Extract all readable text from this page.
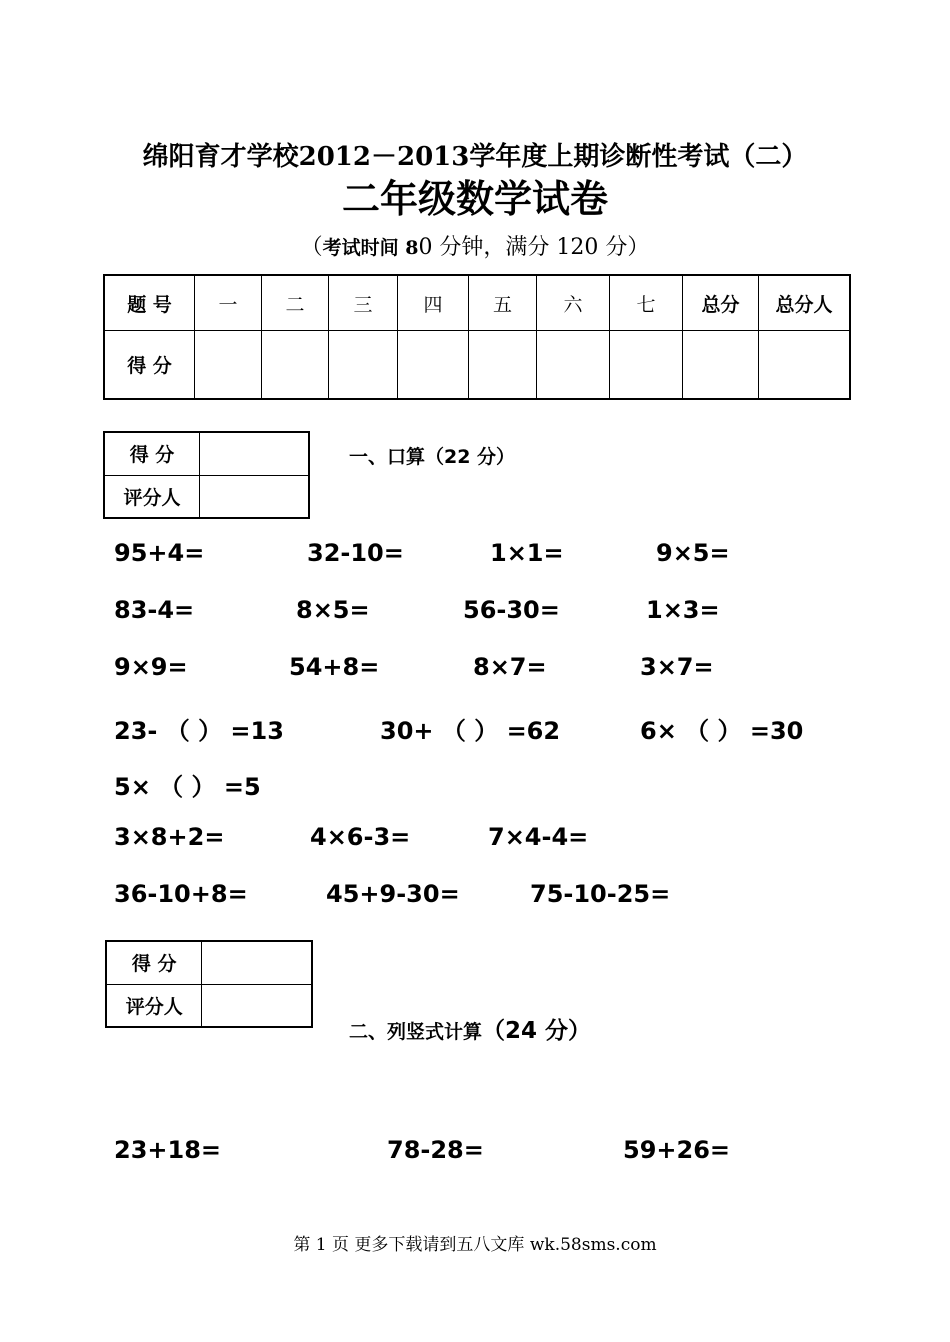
绵阳育才学校2012－2013学年度上期诊断性考试（二）
二年级数学试卷
（考试时间 80 分钟，满分 120 分）
题 号	一	二	三	四	五	六	七	总分	总分人
得 分									
得 分	
评分人	
一、口算（22 分）
95+4=	32-10=	1×1=	9×5=
83-4=	8×5=	56-30=	1×3=
9×9=	54+8=	8×7=	3×7=
23- （ ） =13	30+ （ ） =62	6× （ ） =30
5× （ ） =5
3×8+2=	4×6-3=	7×4-4=
36-10+8=	45+9-30=	75-10-25=
得 分	
评分人	
二、列竖式计算（24 分）
23+18=	78-28=	59+26=
第 1 页 更多下载请到五八文库 wk.58sms.com
